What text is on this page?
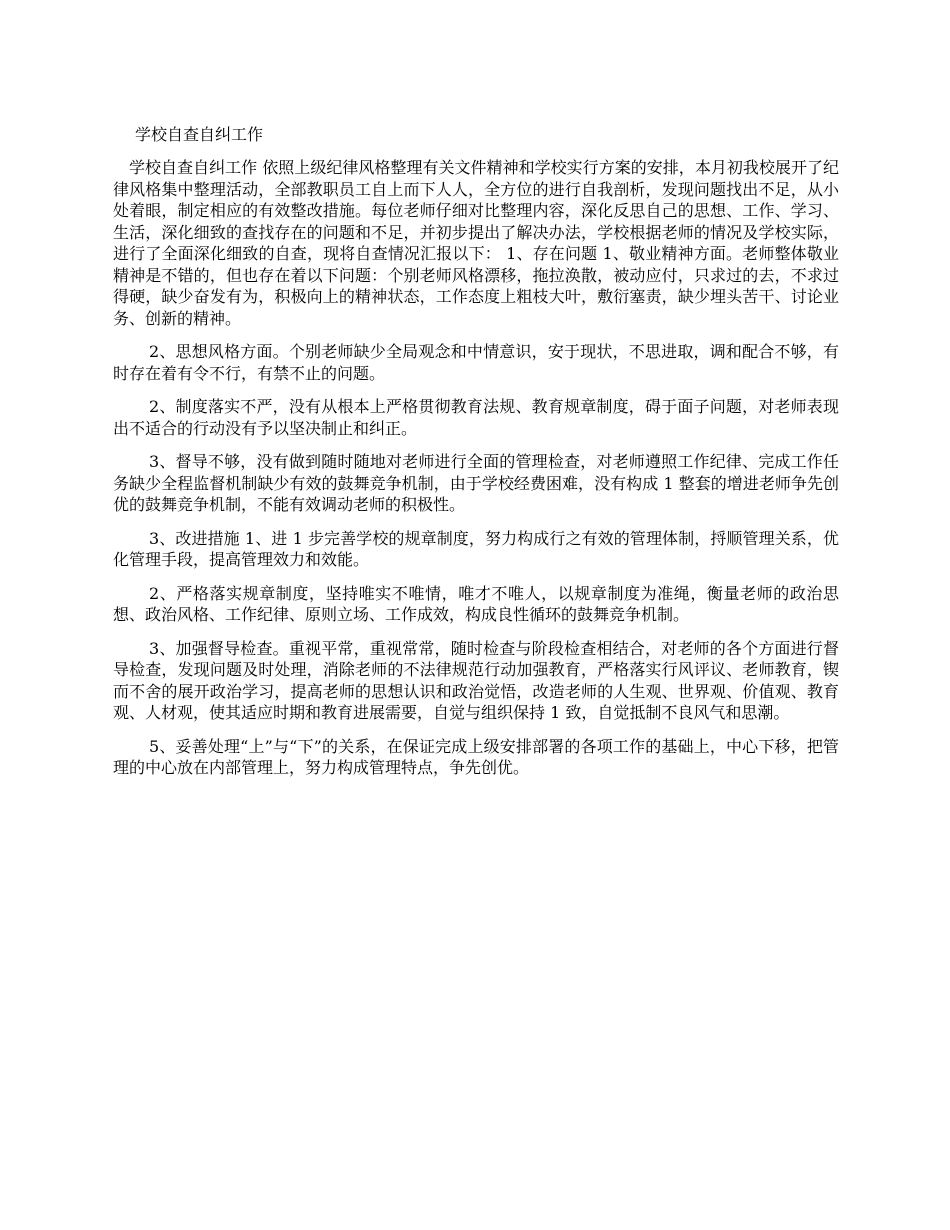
学校自查自纠工作

学校自查自纠工作 依照上级纪律风格整理有关文件精神和学校实行方案的安排，本月初我校展开了纪律风格集中整理活动，全部教职员工自上而下人人，全方位的进行自我剖析，发现问题找出不足，从小处着眼，制定相应的有效整改措施。每位老师仔细对比整理内容，深化反思自己的思想、工作、学习、生活，深化细致的查找存在的问题和不足，并初步提出了解决办法，学校根据老师的情况及学校实际，进行了全面深化细致的自查，现将自查情况汇报以下： 1、存在问题 1、敬业精神方面。老师整体敬业精神是不错的，但也存在着以下问题：个别老师风格漂移，拖拉涣散，被动应付，只求过的去，不求过得硬，缺少奋发有为，积极向上的精神状态，工作态度上粗枝大叶，敷衍塞责，缺少埋头苦干、讨论业务、创新的精神。

2、思想风格方面。个别老师缺少全局观念和中情意识，安于现状，不思进取，调和配合不够，有时存在着有令不行，有禁不止的问题。

2、制度落实不严，没有从根本上严格贯彻教育法规、教育规章制度，碍于面子问题，对老师表现出不适合的行动没有予以坚决制止和纠正。

3、督导不够，没有做到随时随地对老师进行全面的管理检查，对老师遵照工作纪律、完成工作任务缺少全程监督机制缺少有效的鼓舞竞争机制，由于学校经费困难，没有构成 1 整套的增进老师争先创优的鼓舞竞争机制，不能有效调动老师的积极性。

3、改进措施 1、进 1 步完善学校的规章制度，努力构成行之有效的管理体制，捋顺管理关系，优化管理手段，提高管理效力和效能。

2、严格落实规章制度，坚持唯实不唯情，唯才不唯人，以规章制度为准绳，衡量老师的政治思想、政治风格、工作纪律、原则立场、工作成效，构成良性循环的鼓舞竞争机制。

3、加强督导检查。重视平常，重视常常，随时检查与阶段检查相结合，对老师的各个方面进行督导检查，发现问题及时处理，消除老师的不法律规范行动加强教育，严格落实行风评议、老师教育，锲而不舍的展开政治学习，提高老师的思想认识和政治觉悟，改造老师的人生观、世界观、价值观、教育观、人材观，使其适应时期和教育进展需要，自觉与组织保持 1 致，自觉抵制不良风气和思潮。

5、妥善处理“上”与“下”的关系，在保证完成上级安排部署的各项工作的基础上，中心下移，把管理的中心放在内部管理上，努力构成管理特点，争先创优。
